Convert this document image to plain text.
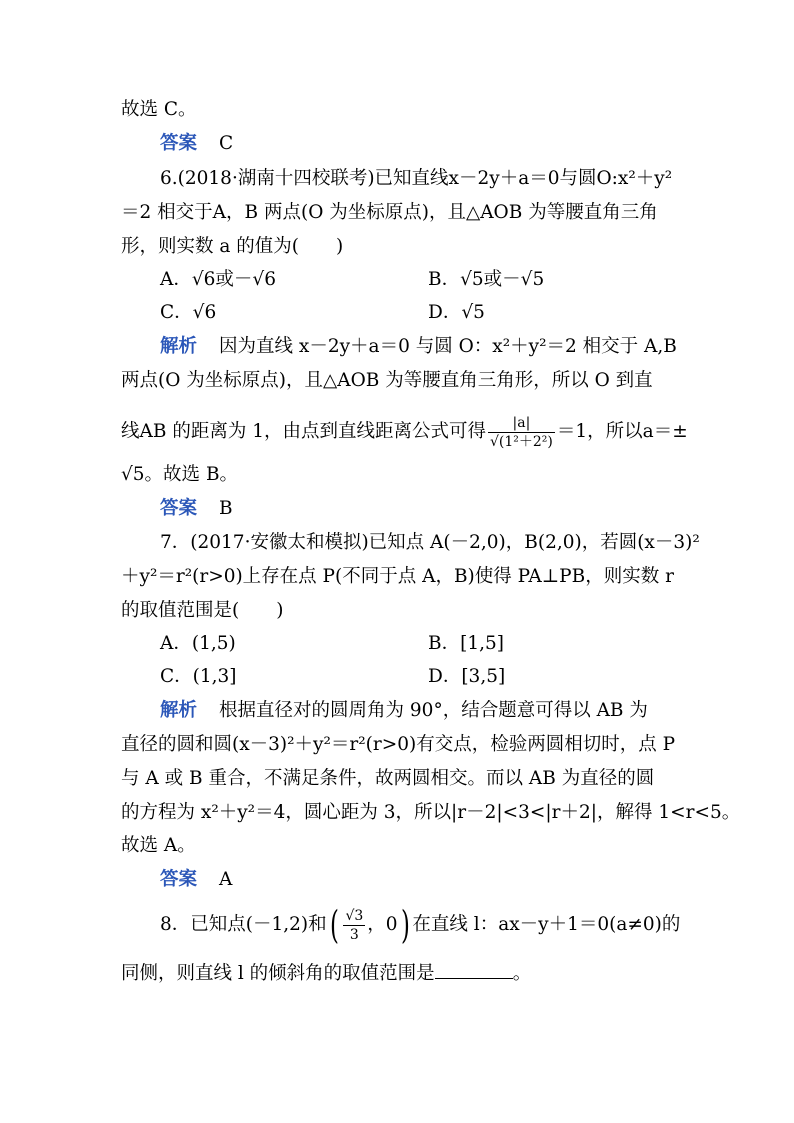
故选 C。
答案 C
6.(2018·湖南十四校联考)已知直线x－2y＋a＝0与圆O:x²＋y²
＝2 相交于A，B 两点(O 为坐标原点)，且△AOB 为等腰直角三角
形，则实数 a 的值为(　　)
A．√6或－√6	B．√5或－√5
C．√6	D．√5
解析 因为直线 x－2y＋a＝0 与圆 O：x²＋y²＝2 相交于 A,B
两点(O 为坐标原点)，且△AOB 为等腰直角三角形，所以 O 到直
线AB 的距离为 1，由点到直线距离公式可得 $\frac{|a|}{\text{√(1²＋2²)}} =1$，所以a＝±
√5。故选 B。
答案 B
7．(2017·安徽太和模拟)已知点 A(－2,0)，B(2,0)，若圆(x－3)²
＋y²＝r²(r>0)上存在点 P(不同于点 A，B)使得 PA⊥PB，则实数 r
的取值范围是(　　)
A．(1,5)	B．[1,5]
C．(1,3]	D．[3,5]
解析 根据直径对的圆周角为 90°，结合题意可得以 AB 为
直径的圆和圆(x－3)²＋y²＝r²(r>0)有交点，检验两圆相切时，点 P
与 A 或 B 重合，不满足条件，故两圆相交。而以 AB 为直径的圆
的方程为 x²＋y²＝4，圆心距为 3，所以|r－2|<3<|r＋2|，解得 1<r<5。
故选 A。
答案 A
8．已知点(－1,2)和( $\frac{√3}{3}$ ，0) 在直线 l：ax－y＋1＝0(a≠0)的
同侧，则直线 l 的倾斜角的取值范围是	。
